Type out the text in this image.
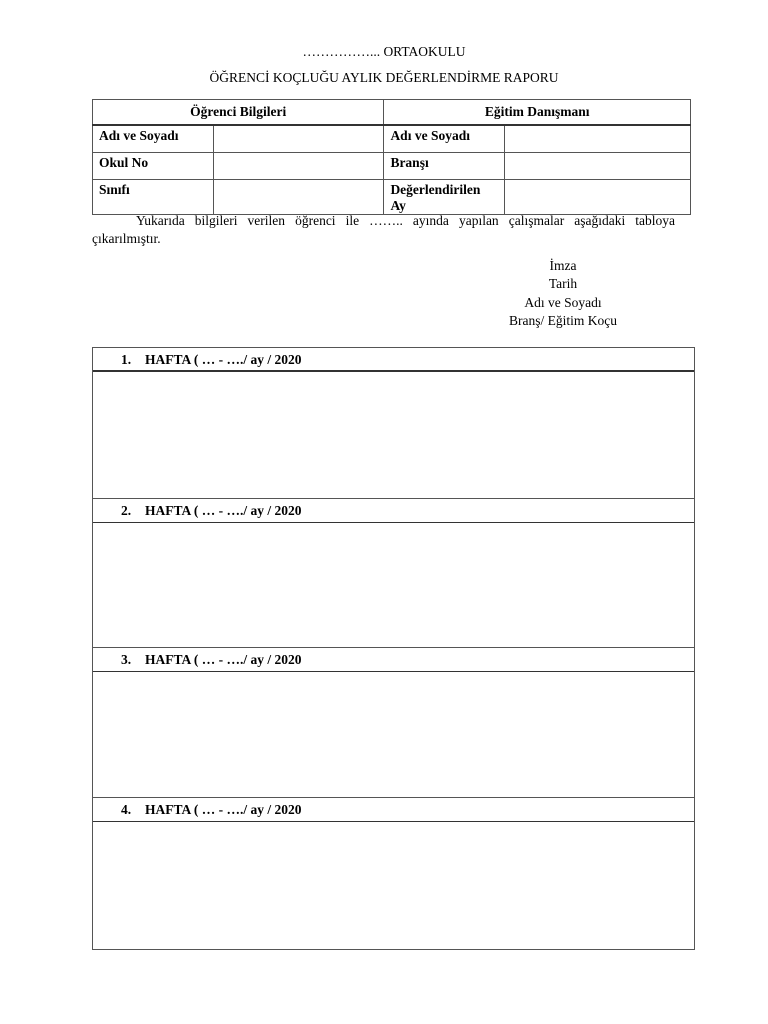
……………... ORTAOKULU
ÖĞRENCİ KOÇLUĞU AYLIK DEĞERLENDİRME RAPORU
Öğrenci Bilgileri		Eğitim Danışmanı	
Adı ve Soyadı		Adı ve Soyadı	
Okul No		Branşı	
Sınıfı		Değerlendirilen Ay	
Yukarıda bilgileri verilen öğrenci ile …….. ayında yapılan çalışmalar aşağıdaki tabloya çıkarılmıştır.
İmza
Tarih
Adı ve Soyadı
Branş/ Eğitim Koçu
1. HAFTA ( … - …./ ay / 2020
2. HAFTA ( … - …./ ay / 2020
3. HAFTA ( … - …./ ay / 2020
4. HAFTA ( … - …./ ay / 2020
